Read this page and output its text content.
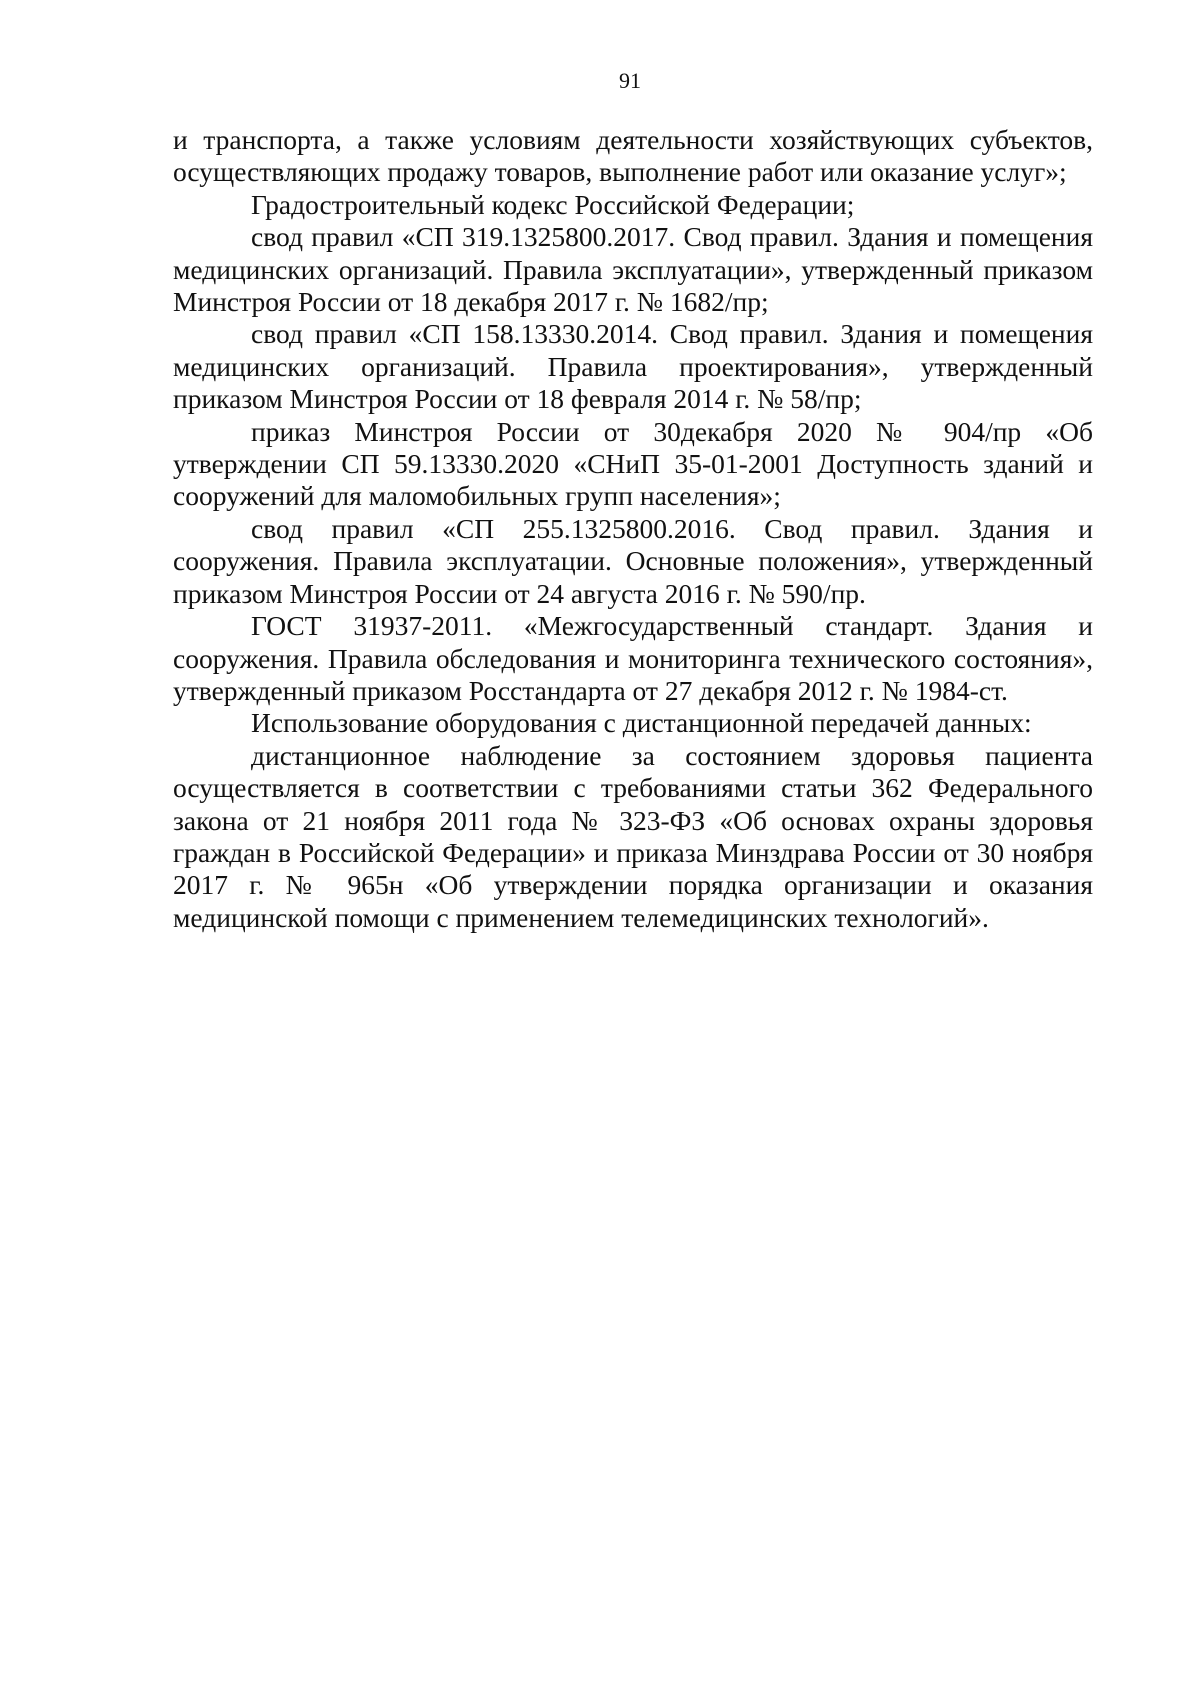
91

и транспорта, а также условиям деятельности хозяйствующих субъектов, осуществляющих продажу товаров, выполнение работ или оказание услуг»;

Градостроительный кодекс Российской Федерации;

свод правил «СП 319.1325800.2017. Свод правил. Здания и помещения медицинских организаций. Правила эксплуатации», утвержденный приказом Минстроя России от 18 декабря 2017 г. № 1682/пр;

свод правил «СП 158.13330.2014. Свод правил. Здания и помещения медицинских организаций. Правила проектирования», утвержденный приказом Минстроя России от 18 февраля 2014 г. № 58/пр;

приказ Минстроя России от 30декабря 2020 № 904/пр «Об утверждении СП 59.13330.2020 «СНиП 35-01-2001 Доступность зданий и сооружений для маломобильных групп населения»;

свод правил «СП 255.1325800.2016. Свод правил. Здания и сооружения. Правила эксплуатации. Основные положения», утвержденный приказом Минстроя России от 24 августа 2016 г. № 590/пр.

ГОСТ 31937-2011. «Межгосударственный стандарт. Здания и сооружения. Правила обследования и мониторинга технического состояния», утвержденный приказом Росстандарта от 27 декабря 2012 г. № 1984-ст.

Использование оборудования с дистанционной передачей данных:

дистанционное наблюдение за состоянием здоровья пациента осуществляется в соответствии с требованиями статьи 362 Федерального закона от 21 ноября 2011 года № 323-ФЗ «Об основах охраны здоровья граждан в Российской Федерации» и приказа Минздрава России от 30 ноября 2017 г. № 965н «Об утверждении порядка организации и оказания медицинской помощи с применением телемедицинских технологий».
